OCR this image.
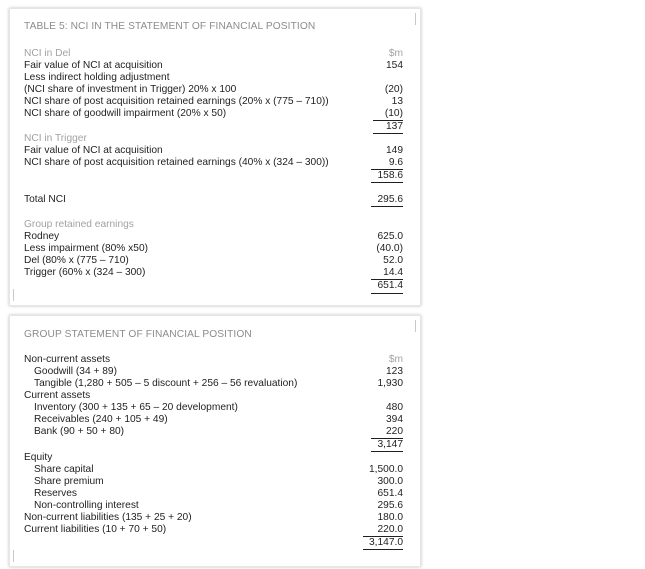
TABLE 5: NCI IN THE STATEMENT OF FINANCIAL POSITION
NCI in Del	$m
Fair value of NCI at acquisition	154
Less indirect holding adjustment
(NCI share of investment in Trigger) 20% x 100	(20)
NCI share of post acquisition retained earnings (20% x (775 – 710))	13
NCI share of goodwill impairment (20% x 50)	(10)
137
NCI in Trigger
Fair value of NCI at acquisition	149
NCI share of post acquisition retained earnings (40% x (324 – 300))	9.6
158.6
Total NCI	295.6
Group retained earnings
Rodney	625.0
Less impairment (80% x50)	(40.0)
Del (80% x (775 – 710)	52.0
Trigger (60% x (324 – 300)	14.4
651.4
GROUP STATEMENT OF FINANCIAL POSITION
Non-current assets	$m
Goodwill (34 + 89)	123
Tangible (1,280 + 505 – 5 discount + 256 – 56 revaluation)	1,930
Current assets
Inventory (300 + 135 + 65 – 20 development)	480
Receivables (240 + 105 + 49)	394
Bank (90 + 50 + 80)	220
3,147
Equity
Share capital	1,500.0
Share premium	300.0
Reserves	651.4
Non-controlling interest	295.6
Non-current liabilities (135 + 25 + 20)	180.0
Current liabilities (10 + 70 + 50)	220.0
3,147.0
